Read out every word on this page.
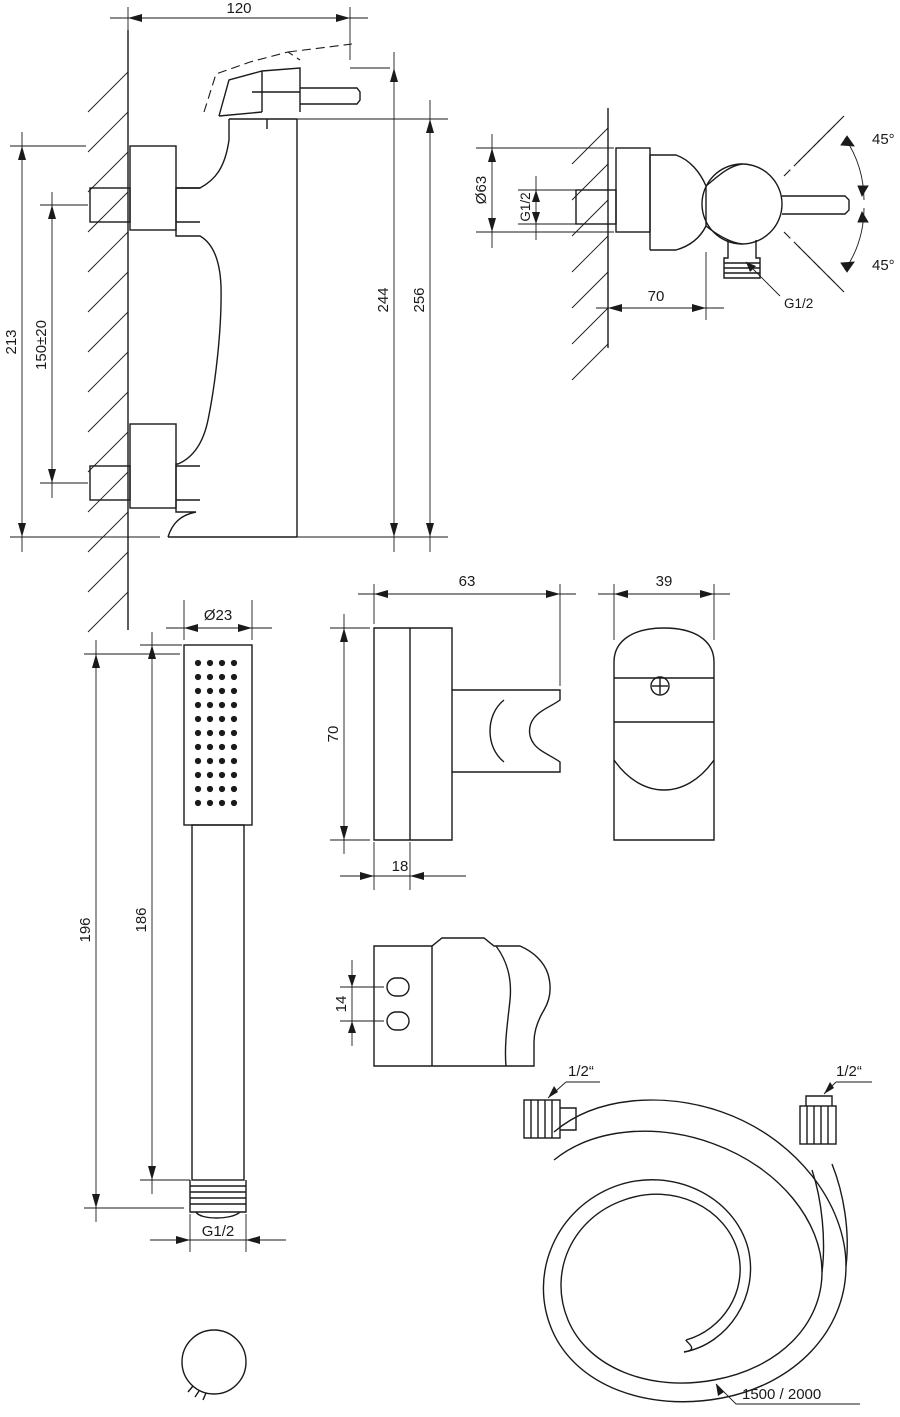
120
256
244
213 150±20
45°
45°
Ø63
G1/2
70	G1/2
Ø23
196	186
G1/2
63
70
18
39
14
1/2“	1/2“
1500 / 2000
